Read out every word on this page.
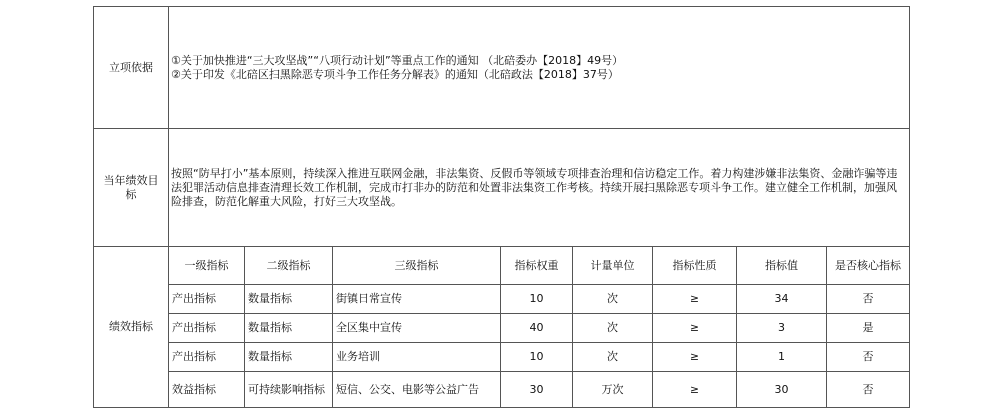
立项依据	①关于加快推进“三大攻坚战”“八项行动计划”等重点工作的通知 （北碚委办【2018】49号）
②关于印发《北碚区扫黑除恶专项斗争工作任务分解表》的通知（北碚政法【2018】37号）							

当年绩效目标	按照“防早打小”基本原则，持续深入推进互联网金融，非法集资、反假币等领域专项排查治理和信访稳定工作。着力构建涉嫌非法集资、金融诈骗等违法犯罪活动信息排查清理长效工作机制，完成市打非办的防范和处置非法集资工作考核。持续开展扫黑除恶专项斗争工作。建立健全工作机制，加强风险排查，防范化解重大风险，打好三大攻坚战。							
绩效指标	一级指标	二级指标	三级指标	指标权重	计量单位	指标性质	指标值	是否核心指标
	产出指标	数量指标	街镇日常宣传	10	次	≥	34	否
	产出指标	数量指标	全区集中宣传	40	次	≥	3	是
	产出指标	数量指标	业务培训	10	次	≥	1	否
	效益指标	可持续影响指标	短信、公交、电影等公益广告	30	万次	≥	30	否
